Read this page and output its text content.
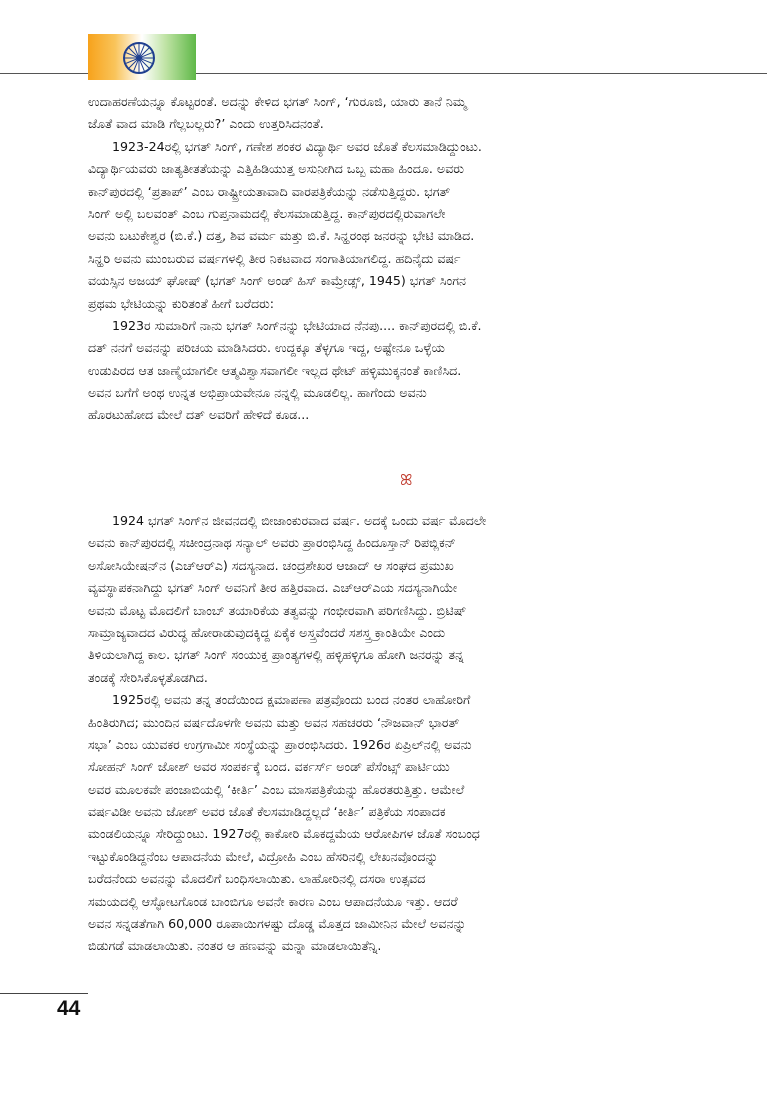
ಉದಾಹರಣೆಯನ್ನೂ ಕೊಟ್ಟರಂತೆ. ಅದನ್ನು ಕೇಳಿದ ಭಗತ್ ಸಿಂಗ್, ‘ಗುರೂಜಿ, ಯಾರು ತಾನೆ ನಿಮ್ಮ
ಜೊತೆ ವಾದ ಮಾಡಿ ಗೆಲ್ಲಬಲ್ಲರು?’ ಎಂದು ಉತ್ತರಿಸಿದನಂತೆ.
1923-24ರಲ್ಲಿ ಭಗತ್ ಸಿಂಗ್, ಗಣೇಶ ಶಂಕರ ವಿದ್ಯಾರ್ಥಿ ಅವರ ಜೊತೆ ಕೆಲಸಮಾಡಿದ್ದುಂಟು.
ವಿದ್ಯಾರ್ಥಿಯವರು ಜಾತ್ಯತೀತತೆಯನ್ನು ಎತ್ತಿಹಿಡಿಯುತ್ತ ಅಸುನೀಗಿದ ಒಬ್ಬ ಮಹಾ ಹಿಂದೂ. ಅವರು
ಕಾನ್‌ಪುರದಲ್ಲಿ ‘ಪ್ರತಾಪ್’ ಎಂಬ ರಾಷ್ಟ್ರೀಯತಾವಾದಿ ವಾರಪತ್ರಿಕೆಯನ್ನು ನಡೆಸುತ್ತಿದ್ದರು. ಭಗತ್
ಸಿಂಗ್ ಅಲ್ಲಿ ಬಲವಂತ್ ಎಂಬ ಗುಪ್ತನಾಮದಲ್ಲಿ ಕೆಲಸಮಾಡುತ್ತಿದ್ದ. ಕಾನ್‌ಪುರದಲ್ಲಿರುವಾಗಲೇ
ಅವನು ಬಟುಕೇಶ್ವರ (ಬಿ.ಕೆ.) ದತ್ತ, ಶಿವ ವರ್ಮ ಮತ್ತು ಬಿ.ಕೆ. ಸಿನ್ಹರಂಥ ಜನರನ್ನು ಭೇಟಿ ಮಾಡಿದ.
ಸಿನ್ಹರಿ ಅವನು ಮುಂಬರುವ ವರ್ಷಗಳಲ್ಲಿ ತೀರ ನಿಕಟವಾದ ಸಂಗಾತಿಯಾಗಲಿದ್ದ. ಹದಿನೈದು ವರ್ಷ
ವಯಸ್ಸಿನ ಅಜಯ್ ಘೋಷ್ (ಭಗತ್ ಸಿಂಗ್ ಅಂಡ್ ಹಿಸ್ ಕಾಮ್ರೇಡ್ಸ್, 1945) ಭಗತ್ ಸಿಂಗನ
ಪ್ರಥಮ ಭೇಟಿಯನ್ನು ಕುರಿತಂತೆ ಹೀಗೆ ಬರೆದರು:
1923ರ ಸುಮಾರಿಗೆ ನಾನು ಭಗತ್ ಸಿಂಗ್‌ನನ್ನು ಭೇಟಿಯಾದ ನೆನಪು.... ಕಾನ್‌ಪುರದಲ್ಲಿ ಬಿ.ಕೆ.
ದತ್ ನನಗೆ ಅವನನ್ನು ಪರಿಚಯ ಮಾಡಿಸಿದರು. ಉದ್ದಕ್ಕೂ ತೆಳ್ಳಗೂ ಇದ್ದ, ಅಷ್ಟೇನೂ ಒಳ್ಳೆಯ
ಉಡುಪಿರದ ಆತ ಜಾಣ್ಮೆಯಾಗಲೀ ಆತ್ಮವಿಶ್ವಾಸವಾಗಲೀ ಇಲ್ಲದ ಥೇಟ್ ಹಳ್ಳಿಮುಕ್ಕನಂತೆ ಕಾಣಿಸಿದ.
ಅವನ ಬಗೆಗೆ ಅಂಥ ಉನ್ನತ ಅಭಿಪ್ರಾಯವೇನೂ ನನ್ನಲ್ಲಿ ಮೂಡಲಿಲ್ಲ. ಹಾಗೆಂದು ಅವನು
ಹೊರಟುಹೋದ ಮೇಲೆ ದತ್ ಅವರಿಗೆ ಹೇಳಿದೆ ಕೂಡ...
ꕤ
1924 ಭಗತ್ ಸಿಂಗ್‌ನ ಜೀವನದಲ್ಲಿ ಬೀಜಾಂಕುರವಾದ ವರ್ಷ. ಅದಕ್ಕೆ ಒಂದು ವರ್ಷ ಮೊದಲೇ
ಅವನು ಕಾನ್‌ಪುರದಲ್ಲಿ ಸಚೀಂದ್ರನಾಥ ಸನ್ಯಾಲ್ ಅವರು ಪ್ರಾರಂಭಿಸಿದ್ದ ಹಿಂದೂಸ್ತಾನ್ ರಿಪಬ್ಲಿಕನ್
ಅಸೋಸಿಯೇಷನ್‌ನ (ಎಚ್‌ಆರ್‌ಎ) ಸದಸ್ಯನಾದ. ಚಂದ್ರಶೇಖರ ಆಜಾದ್ ಆ ಸಂಘದ ಪ್ರಮುಖ
ವ್ಯವಸ್ಥಾಪಕನಾಗಿದ್ದು ಭಗತ್ ಸಿಂಗ್ ಅವನಿಗೆ ತೀರ ಹತ್ತಿರವಾದ. ಎಚ್‌ಆರ್‌ಎಯ ಸದಸ್ಯನಾಗಿಯೇ
ಅವನು ಮೊಟ್ಟ ಮೊದಲಿಗೆ ಬಾಂಬ್ ತಯಾರಿಕೆಯ ತತ್ವವನ್ನು ಗಂಭೀರವಾಗಿ ಪರಿಗಣಿಸಿದ್ದು. ಬ್ರಿಟಿಷ್
ಸಾಮ್ರಾಜ್ಯವಾದದ ವಿರುದ್ಧ ಹೋರಾಡುವುದಕ್ಕಿದ್ದ ಏಕೈಕ ಅಸ್ತ್ರವೆಂದರೆ ಸಶಸ್ತ್ರ ಕ್ರಾಂತಿಯೇ ಎಂದು
ತಿಳಿಯಲಾಗಿದ್ದ ಕಾಲ. ಭಗತ್ ಸಿಂಗ್ ಸಂಯುಕ್ತ ಪ್ರಾಂತ್ಯಗಳಲ್ಲಿ ಹಳ್ಳಿಹಳ್ಳಿಗೂ ಹೋಗಿ ಜನರನ್ನು ತನ್ನ
ತಂಡಕ್ಕೆ ಸೇರಿಸಿಕೊಳ್ಳತೊಡಗಿದ.
1925ರಲ್ಲಿ ಅವನು ತನ್ನ ತಂದೆಯಿಂದ ಕ್ಷಮಾಪಣಾ ಪತ್ರವೊಂದು ಬಂದ ನಂತರ ಲಾಹೋರಿಗೆ
ಹಿಂತಿರುಗಿದ; ಮುಂದಿನ ವರ್ಷದೊಳಗೇ ಅವನು ಮತ್ತು ಅವನ ಸಹಚರರು ‘ನೌಜವಾನ್ ಭಾರತ್
ಸಭಾ’ ಎಂಬ ಯುವಕರ ಉಗ್ರಗಾಮೀ ಸಂಸ್ಥೆಯನ್ನು ಪ್ರಾರಂಭಿಸಿದರು. 1926ರ ಏಪ್ರಿಲ್‌ನಲ್ಲಿ ಅವನು
ಸೋಹನ್ ಸಿಂಗ್ ಜೋಶ್ ಅವರ ಸಂಪರ್ಕಕ್ಕೆ ಬಂದ. ವರ್ಕರ್ಸ್ ಅಂಡ್ ಪೆಸೆಂಟ್ಸ್ ಪಾರ್ಟಿಯು
ಅವರ ಮೂಲಕವೇ ಪಂಜಾಬಿಯಲ್ಲಿ ‘ಕೀರ್ತಿ’ ಎಂಬ ಮಾಸಪತ್ರಿಕೆಯನ್ನು ಹೊರತರುತ್ತಿತ್ತು. ಆಮೇಲೆ
ವರ್ಷವಿಡೀ ಅವನು ಜೋಶ್ ಅವರ ಜೊತೆ ಕೆಲಸಮಾಡಿದ್ದಲ್ಲದೆ ‘ಕೀರ್ತಿ’ ಪತ್ರಿಕೆಯ ಸಂಪಾದಕ
ಮಂಡಲಿಯನ್ನೂ ಸೇರಿದ್ದುಂಟು. 1927ರಲ್ಲಿ ಕಾಕೋರಿ ಮೊಕದ್ದಮೆಯ ಆರೋಪಿಗಳ ಜೊತೆ ಸಂಬಂಧ
ಇಟ್ಟುಕೊಂಡಿದ್ದನೆಂಬ ಆಪಾದನೆಯ ಮೇಲೆ, ವಿದ್ರೋಹಿ ಎಂಬ ಹೆಸರಿನಲ್ಲಿ ಲೇಖನವೊಂದನ್ನು
ಬರೆದನೆಂದು ಅವನನ್ನು ಮೊದಲಿಗೆ ಬಂಧಿಸಲಾಯಿತು. ಲಾಹೋರಿನಲ್ಲಿ ದಸರಾ ಉತ್ಸವದ
ಸಮಯದಲ್ಲಿ ಆಸ್ಫೋಟಗೊಂಡ ಬಾಂಬಿಗೂ ಅವನೇ ಕಾರಣ ಎಂಬ ಆಪಾದನೆಯೂ ಇತ್ತು. ಆದರೆ
ಅವನ ಸನ್ನಡತೆಗಾಗಿ 60,000 ರೂಪಾಯಿಗಳಷ್ಟು ದೊಡ್ಡ ಮೊತ್ತದ ಜಾಮೀನಿನ ಮೇಲೆ ಅವನನ್ನು
ಬಿಡುಗಡೆ ಮಾಡಲಾಯಿತು. ನಂತರ ಆ ಹಣವನ್ನು ಮನ್ನಾ ಮಾಡಲಾಯಿತೆನ್ನಿ.
44
